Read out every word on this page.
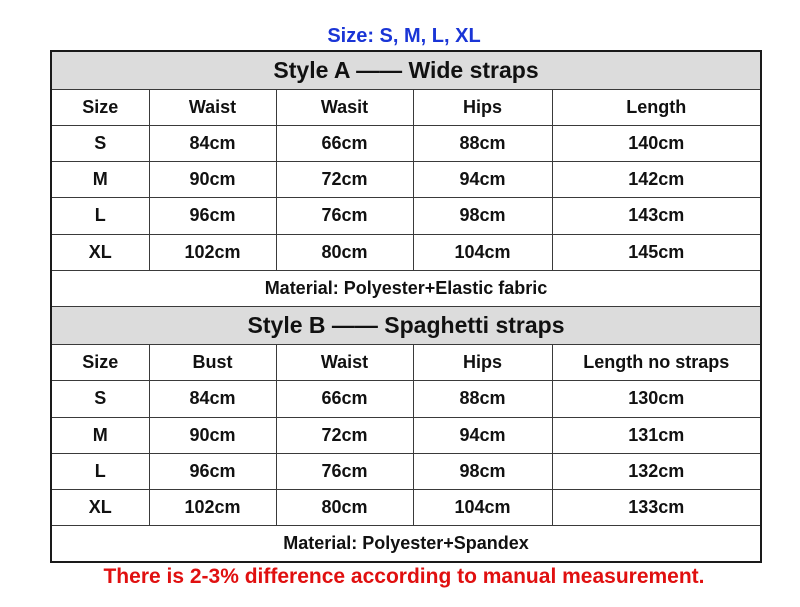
Size: S, M, L, XL
Style A —— Wide straps				
Size	Waist	Wasit	Hips	Length
S	84cm	66cm	88cm	140cm
M	90cm	72cm	94cm	142cm
L	96cm	76cm	98cm	143cm
XL	102cm	80cm	104cm	145cm
Material: Polyester+Elastic fabric				
Style B —— Spaghetti straps				
Size	Bust	Waist	Hips	Length no straps
S	84cm	66cm	88cm	130cm
M	90cm	72cm	94cm	131cm
L	96cm	76cm	98cm	132cm
XL	102cm	80cm	104cm	133cm
Material: Polyester+Spandex				
There is 2-3% difference according to manual measurement.
